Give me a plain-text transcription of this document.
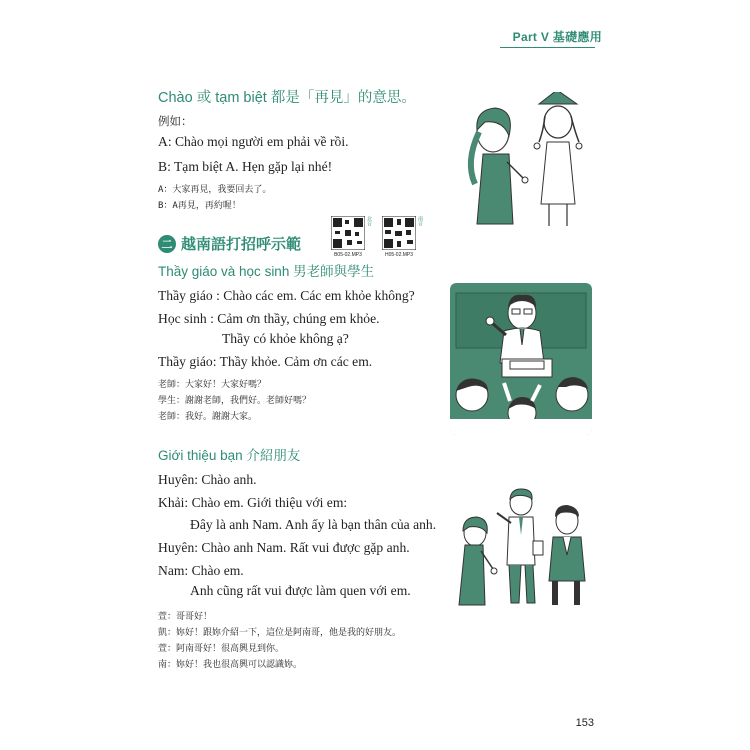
Part V 基礎應用
Chào 或 tạm biệt 都是「再見」的意思。
例如：
A: Chào mọi người em phải về rồi.
B: Tạm biệt A. Hẹn gặp lại nhé!
A：大家再見，我要回去了。
B：A再見，再約喔！
二 越南語打招呼示範
B05-02.MP3
北音
H05-02.MP3
南音
Thầy giáo và học sinh 男老師與學生
Thầy giáo : Chào các em. Các em khỏe không?
Học sinh : Cảm ơn thầy, chúng em khỏe.
Thầy có khỏe không ạ?
Thầy giáo: Thầy khỏe. Cảm ơn các em.
老師：大家好！大家好嗎？
學生：謝謝老師，我們好。老師好嗎？
老師：我好。謝謝大家。
Giới thiệu bạn 介紹朋友
Huyên: Chào anh.
Khải: Chào em. Giới thiệu với em:
Đây là anh Nam. Anh ấy là bạn thân của anh.
Huyên: Chào anh Nam. Rất vui được gặp anh.
Nam: Chào em.
Anh cũng rất vui được làm quen với em.
萱：哥哥好！
凱：妳好！跟妳介紹一下，這位是阿南哥，他是我的好朋友。
萱：阿南哥好！很高興見到你。
南：妳好！我也很高興可以認識妳。
153
